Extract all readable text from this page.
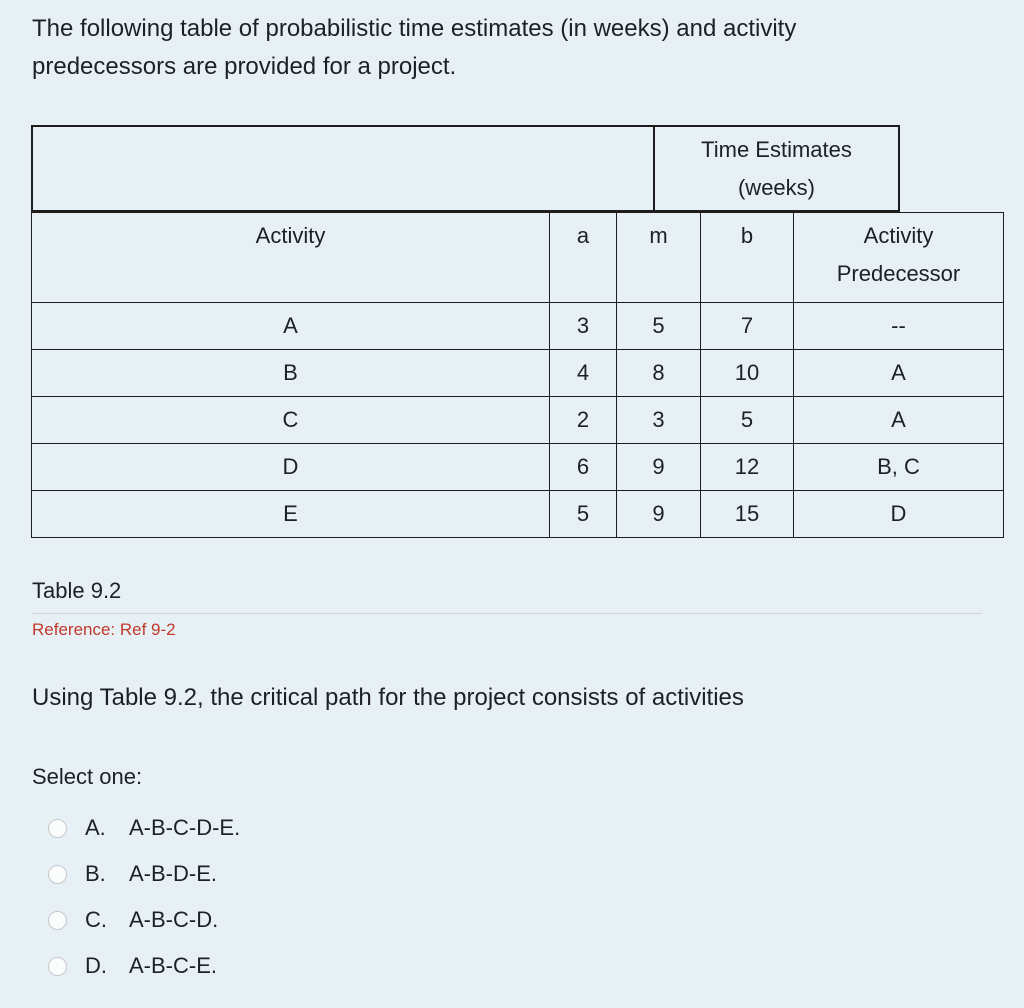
The following table of probabilistic time estimates (in weeks) and activity predecessors are provided for a project.

Time Estimates
(weeks)
Activity	a	m	b	Activity
Predecessor
A	3	5	7	--
B	4	8	10	A
C	2	3	5	A
D	6	9	12	B, C
E	5	9	15	D
Table 9.2
Reference: Ref 9-2
Using Table 9.2, the critical path for the project consists of activities
Select one:
A.	A-B-C-D-E.
B.	A-B-D-E.
C.	A-B-C-D.
D.	A-B-C-E.
